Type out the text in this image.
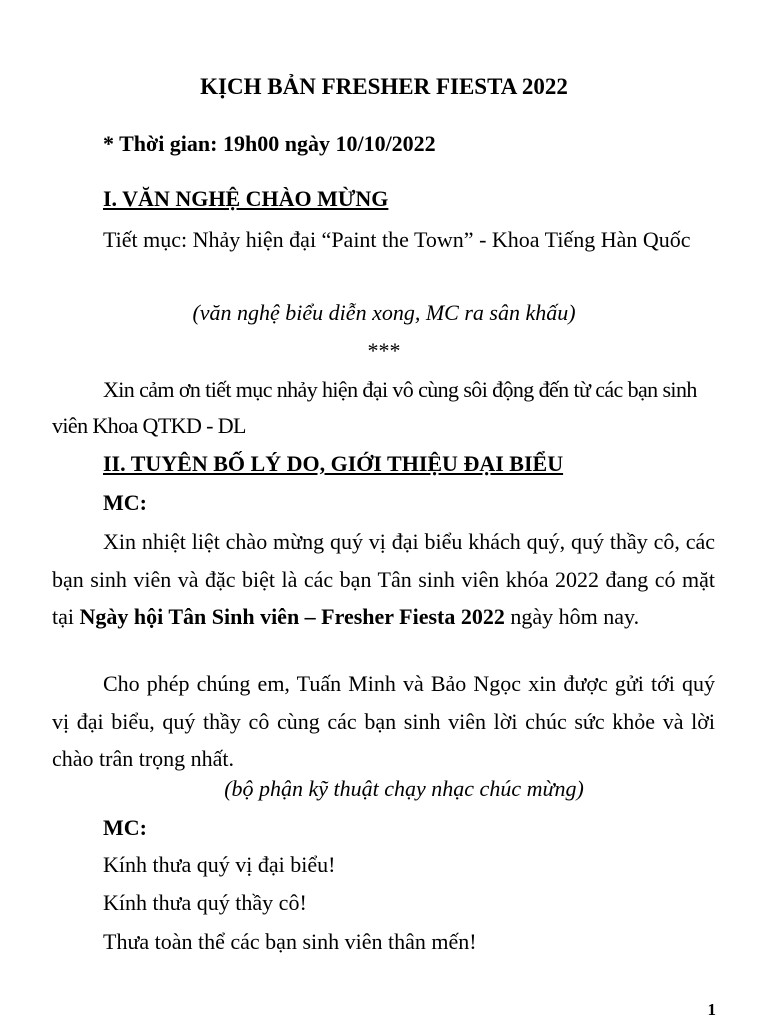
KỊCH BẢN FRESHER FIESTA 2022

* Thời gian: 19h00 ngày 10/10/2022

I. VĂN NGHỆ CHÀO MỪNG

Tiết mục: Nhảy hiện đại “Paint the Town” - Khoa Tiếng Hàn Quốc

(văn nghệ biểu diễn xong, MC ra sân khấu)

***

Xin cảm ơn tiết mục nhảy hiện đại vô cùng sôi động đến từ các bạn sinh viên Khoa QTKD - DL

II. TUYÊN BỐ LÝ DO, GIỚI THIỆU ĐẠI BIỂU

MC:

Xin nhiệt liệt chào mừng quý vị đại biểu khách quý, quý thầy cô, các bạn sinh viên và đặc biệt là các bạn Tân sinh viên khóa 2022 đang có mặt tại Ngày hội Tân Sinh viên – Fresher Fiesta 2022 ngày hôm nay.

Cho phép chúng em, Tuấn Minh và Bảo Ngọc xin được gửi tới quý vị đại biểu, quý thầy cô cùng các bạn sinh viên lời chúc sức khỏe và lời chào trân trọng nhất.

(bộ phận kỹ thuật chạy nhạc chúc mừng)

MC:

Kính thưa quý vị đại biểu!

Kính thưa quý thầy cô!

Thưa toàn thể các bạn sinh viên thân mến!

1
